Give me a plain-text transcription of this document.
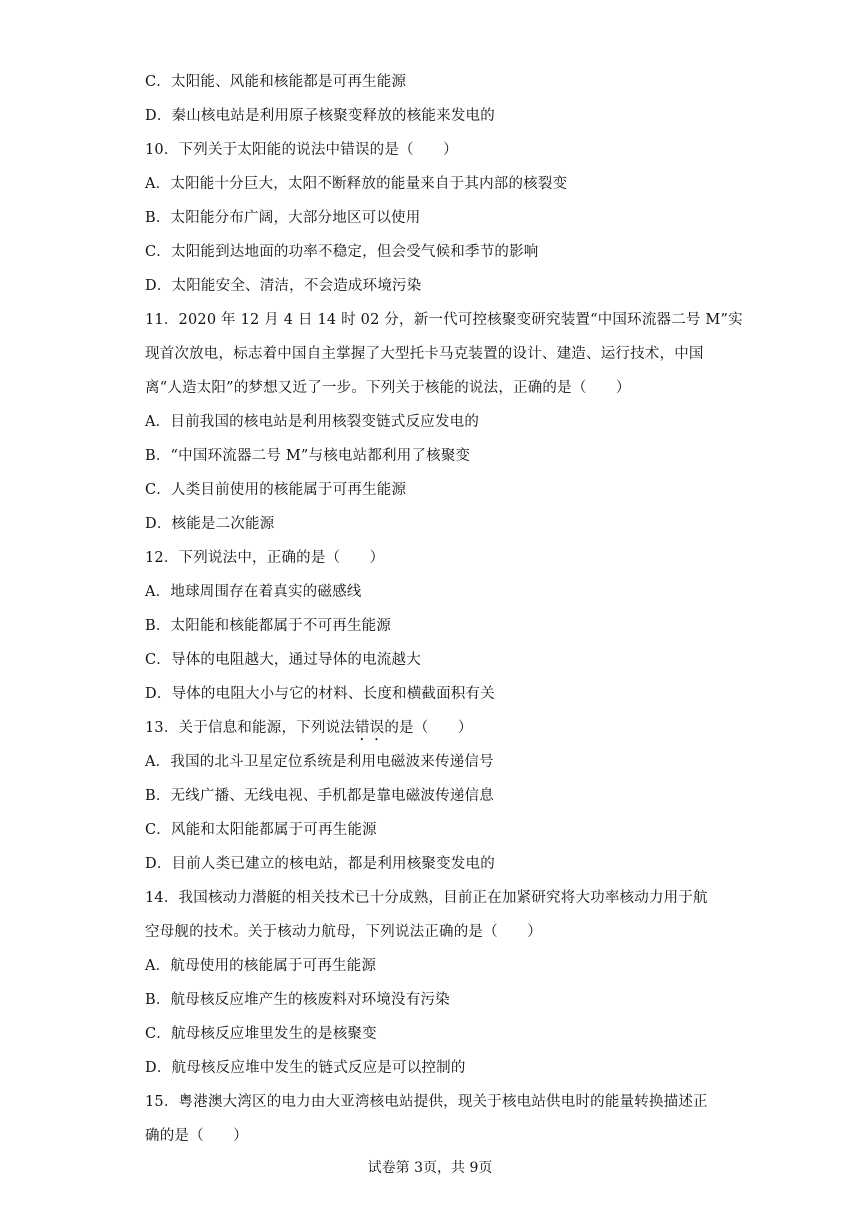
C．太阳能、风能和核能都是可再生能源
D．秦山核电站是利用原子核聚变释放的核能来发电的
10．下列关于太阳能的说法中错误的是（　　）
A．太阳能十分巨大，太阳不断释放的能量来自于其内部的核裂变
B．太阳能分布广阔，大部分地区可以使用
C．太阳能到达地面的功率不稳定，但会受气候和季节的影响
D．太阳能安全、清洁，不会造成环境污染
11．2020 年 12 月 4 日 14 时 02 分，新一代可控核聚变研究装置“中国环流器二号 M”实
现首次放电，标志着中国自主掌握了大型托卡马克装置的设计、建造、运行技术，中国
离“人造太阳”的梦想又近了一步。下列关于核能的说法，正确的是（　　）
A．目前我国的核电站是利用核裂变链式反应发电的
B．“中国环流器二号 M”与核电站都利用了核聚变
C．人类目前使用的核能属于可再生能源
D．核能是二次能源
12．下列说法中，正确的是（　　）
A．地球周围存在着真实的磁感线
B．太阳能和核能都属于不可再生能源
C．导体的电阻越大，通过导体的电流越大
D．导体的电阻大小与它的材料、长度和横截面积有关
13．关于信息和能源，下列说法错误的是（　　）
A．我国的北斗卫星定位系统是利用电磁波来传递信号
B．无线广播、无线电视、手机都是靠电磁波传递信息
C．风能和太阳能都属于可再生能源
D．目前人类已建立的核电站，都是利用核聚变发电的
14．我国核动力潜艇的相关技术已十分成熟，目前正在加紧研究将大功率核动力用于航
空母舰的技术。关于核动力航母，下列说法正确的是（　　）
A．航母使用的核能属于可再生能源
B．航母核反应堆产生的核废料对环境没有污染
C．航母核反应堆里发生的是核聚变
D．航母核反应堆中发生的链式反应是可以控制的
15．粤港澳大湾区的电力由大亚湾核电站提供，现关于核电站供电时的能量转换描述正
确的是（　　）
试卷第 3页，共 9页
